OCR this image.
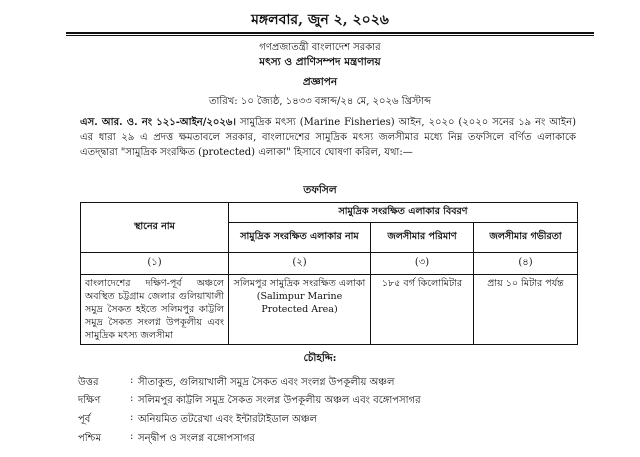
মঙ্গলবার, জুন ২, ২০২৬
গণপ্রজাতন্ত্রী বাংলাদেশ সরকার
মৎস্য ও প্রাণিসম্পদ মন্ত্রণালয়
প্রজ্ঞাপন
তারিখ: ১০ জ্যৈষ্ঠ, ১৪৩৩ বঙ্গাব্দ/২৪ মে, ২০২৬ খ্রিস্টাব্দ
এস. আর. ও. নং ১২১-আইন/২০২৬। সামুদ্রিক মৎস্য (Marine Fisheries) আইন, ২০২০ (২০২০ সনের ১৯ নং আইন) এর ধারা ২৯ এ প্রদত্ত ক্ষমতাবলে সরকার, বাংলাদেশের সামুদ্রিক মৎস্য জলসীমার মধ্যে নিম্ন তফসিলে বর্ণিত এলাকাকে এতদ্দ্বারা "সামুদ্রিক সংরক্ষিত (protected) এলাকা" হিসাবে ঘোষণা করিল, যথা:—
তফসিল
স্থানের নাম	সামুদ্রিক সংরক্ষিত এলাকার বিবরণ		
	সামুদ্রিক সংরক্ষিত এলাকার নাম	জলসীমার পরিমাণ	জলসীমার গভীরতা
(১)	(২)	(৩)	(৪)
বাংলাদেশের দক্ষিণ-পূর্ব অঞ্চলে অবস্থিত চট্টগ্রাম জেলার গুলিয়াখালী সমুদ্র সৈকত হইতে সলিমপুর কাট্টলি সমুদ্র সৈকত সংলগ্ন উপকূলীয় এবং সামুদ্রিক মৎস্য জলসীমা	সলিমপুর সামুদ্রিক সংরক্ষিত এলাকা (Salimpur Marine Protected Area)	১৮৫ বর্গ কিলোমিটার	প্রায় ১০ মিটার পর্যন্ত
চৌহদ্দি:
উত্তর	: সীতাকুন্ড, গুলিয়াখালী সমুদ্র সৈকত এবং সংলগ্ন উপকূলীয় অঞ্চল
দক্ষিণ	: সলিমপুর কাট্টলি সমুদ্র সৈকত সংলগ্ন উপকূলীয় অঞ্চল এবং বঙ্গোপসাগর
পূর্ব	: অনিয়মিত তটরেখা এবং ইন্টারটাইডাল অঞ্চল
পশ্চিম	: সন্দ্বীপ ও সংলগ্ন বঙ্গোপসাগর
